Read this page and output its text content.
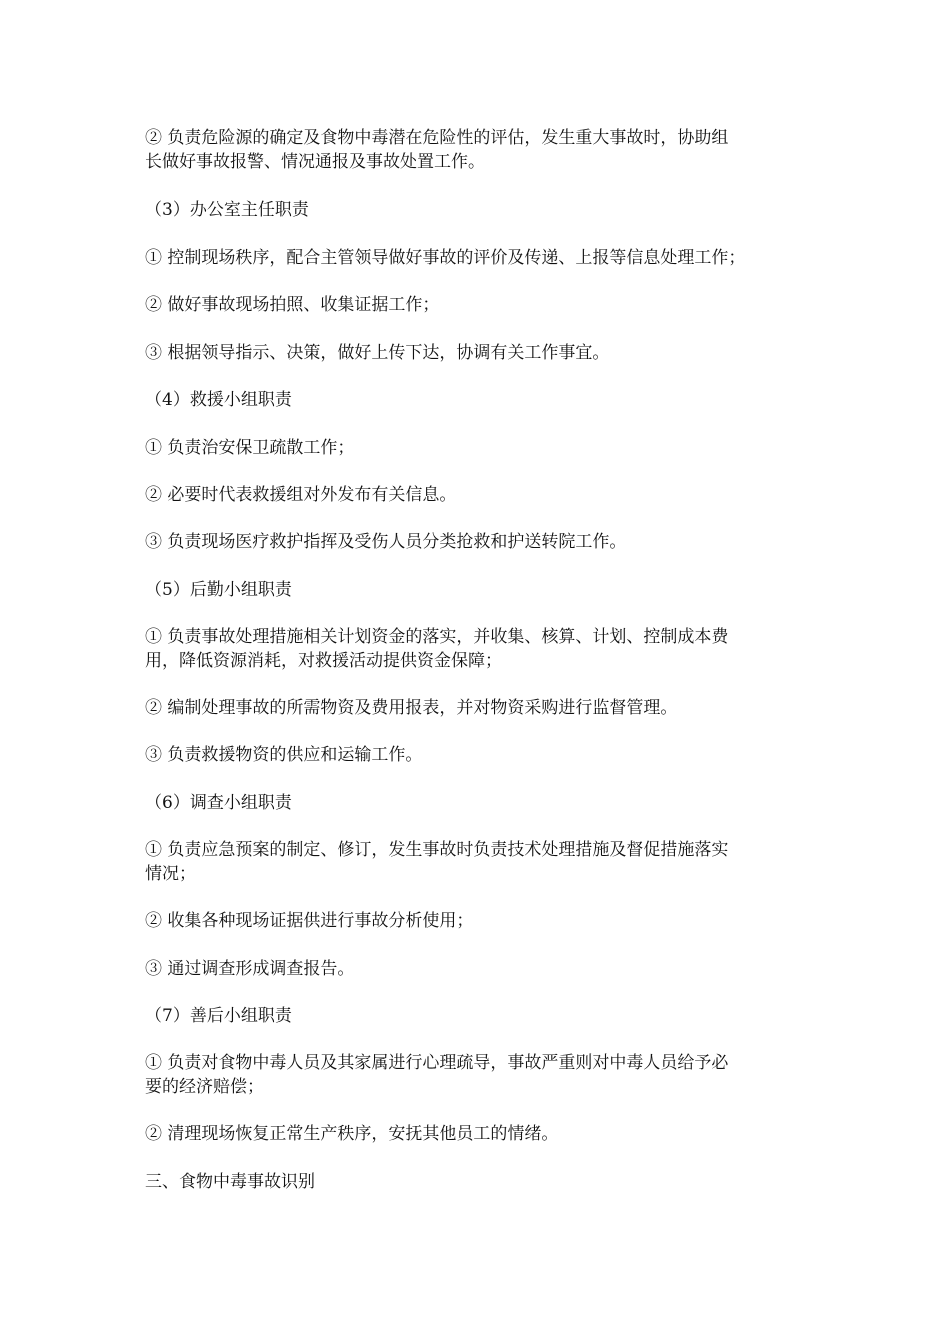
② 负责危险源的确定及食物中毒潜在危险性的评估，发生重大事故时，协助组
长做好事故报警、情况通报及事故处置工作。

（3）办公室主任职责

① 控制现场秩序，配合主管领导做好事故的评价及传递、上报等信息处理工作；

② 做好事故现场拍照、收集证据工作；

③ 根据领导指示、决策，做好上传下达，协调有关工作事宜。

（4）救援小组职责

① 负责治安保卫疏散工作；

② 必要时代表救援组对外发布有关信息。

③ 负责现场医疗救护指挥及受伤人员分类抢救和护送转院工作。

（5）后勤小组职责

① 负责事故处理措施相关计划资金的落实，并收集、核算、计划、控制成本费
用，降低资源消耗，对救援活动提供资金保障；

② 编制处理事故的所需物资及费用报表，并对物资采购进行监督管理。

③ 负责救援物资的供应和运输工作。

（6）调查小组职责

① 负责应急预案的制定、修订，发生事故时负责技术处理措施及督促措施落实
情况；

② 收集各种现场证据供进行事故分析使用；

③ 通过调查形成调查报告。

（7）善后小组职责

① 负责对食物中毒人员及其家属进行心理疏导，事故严重则对中毒人员给予必
要的经济赔偿；

② 清理现场恢复正常生产秩序，安抚其他员工的情绪。

三、食物中毒事故识别
